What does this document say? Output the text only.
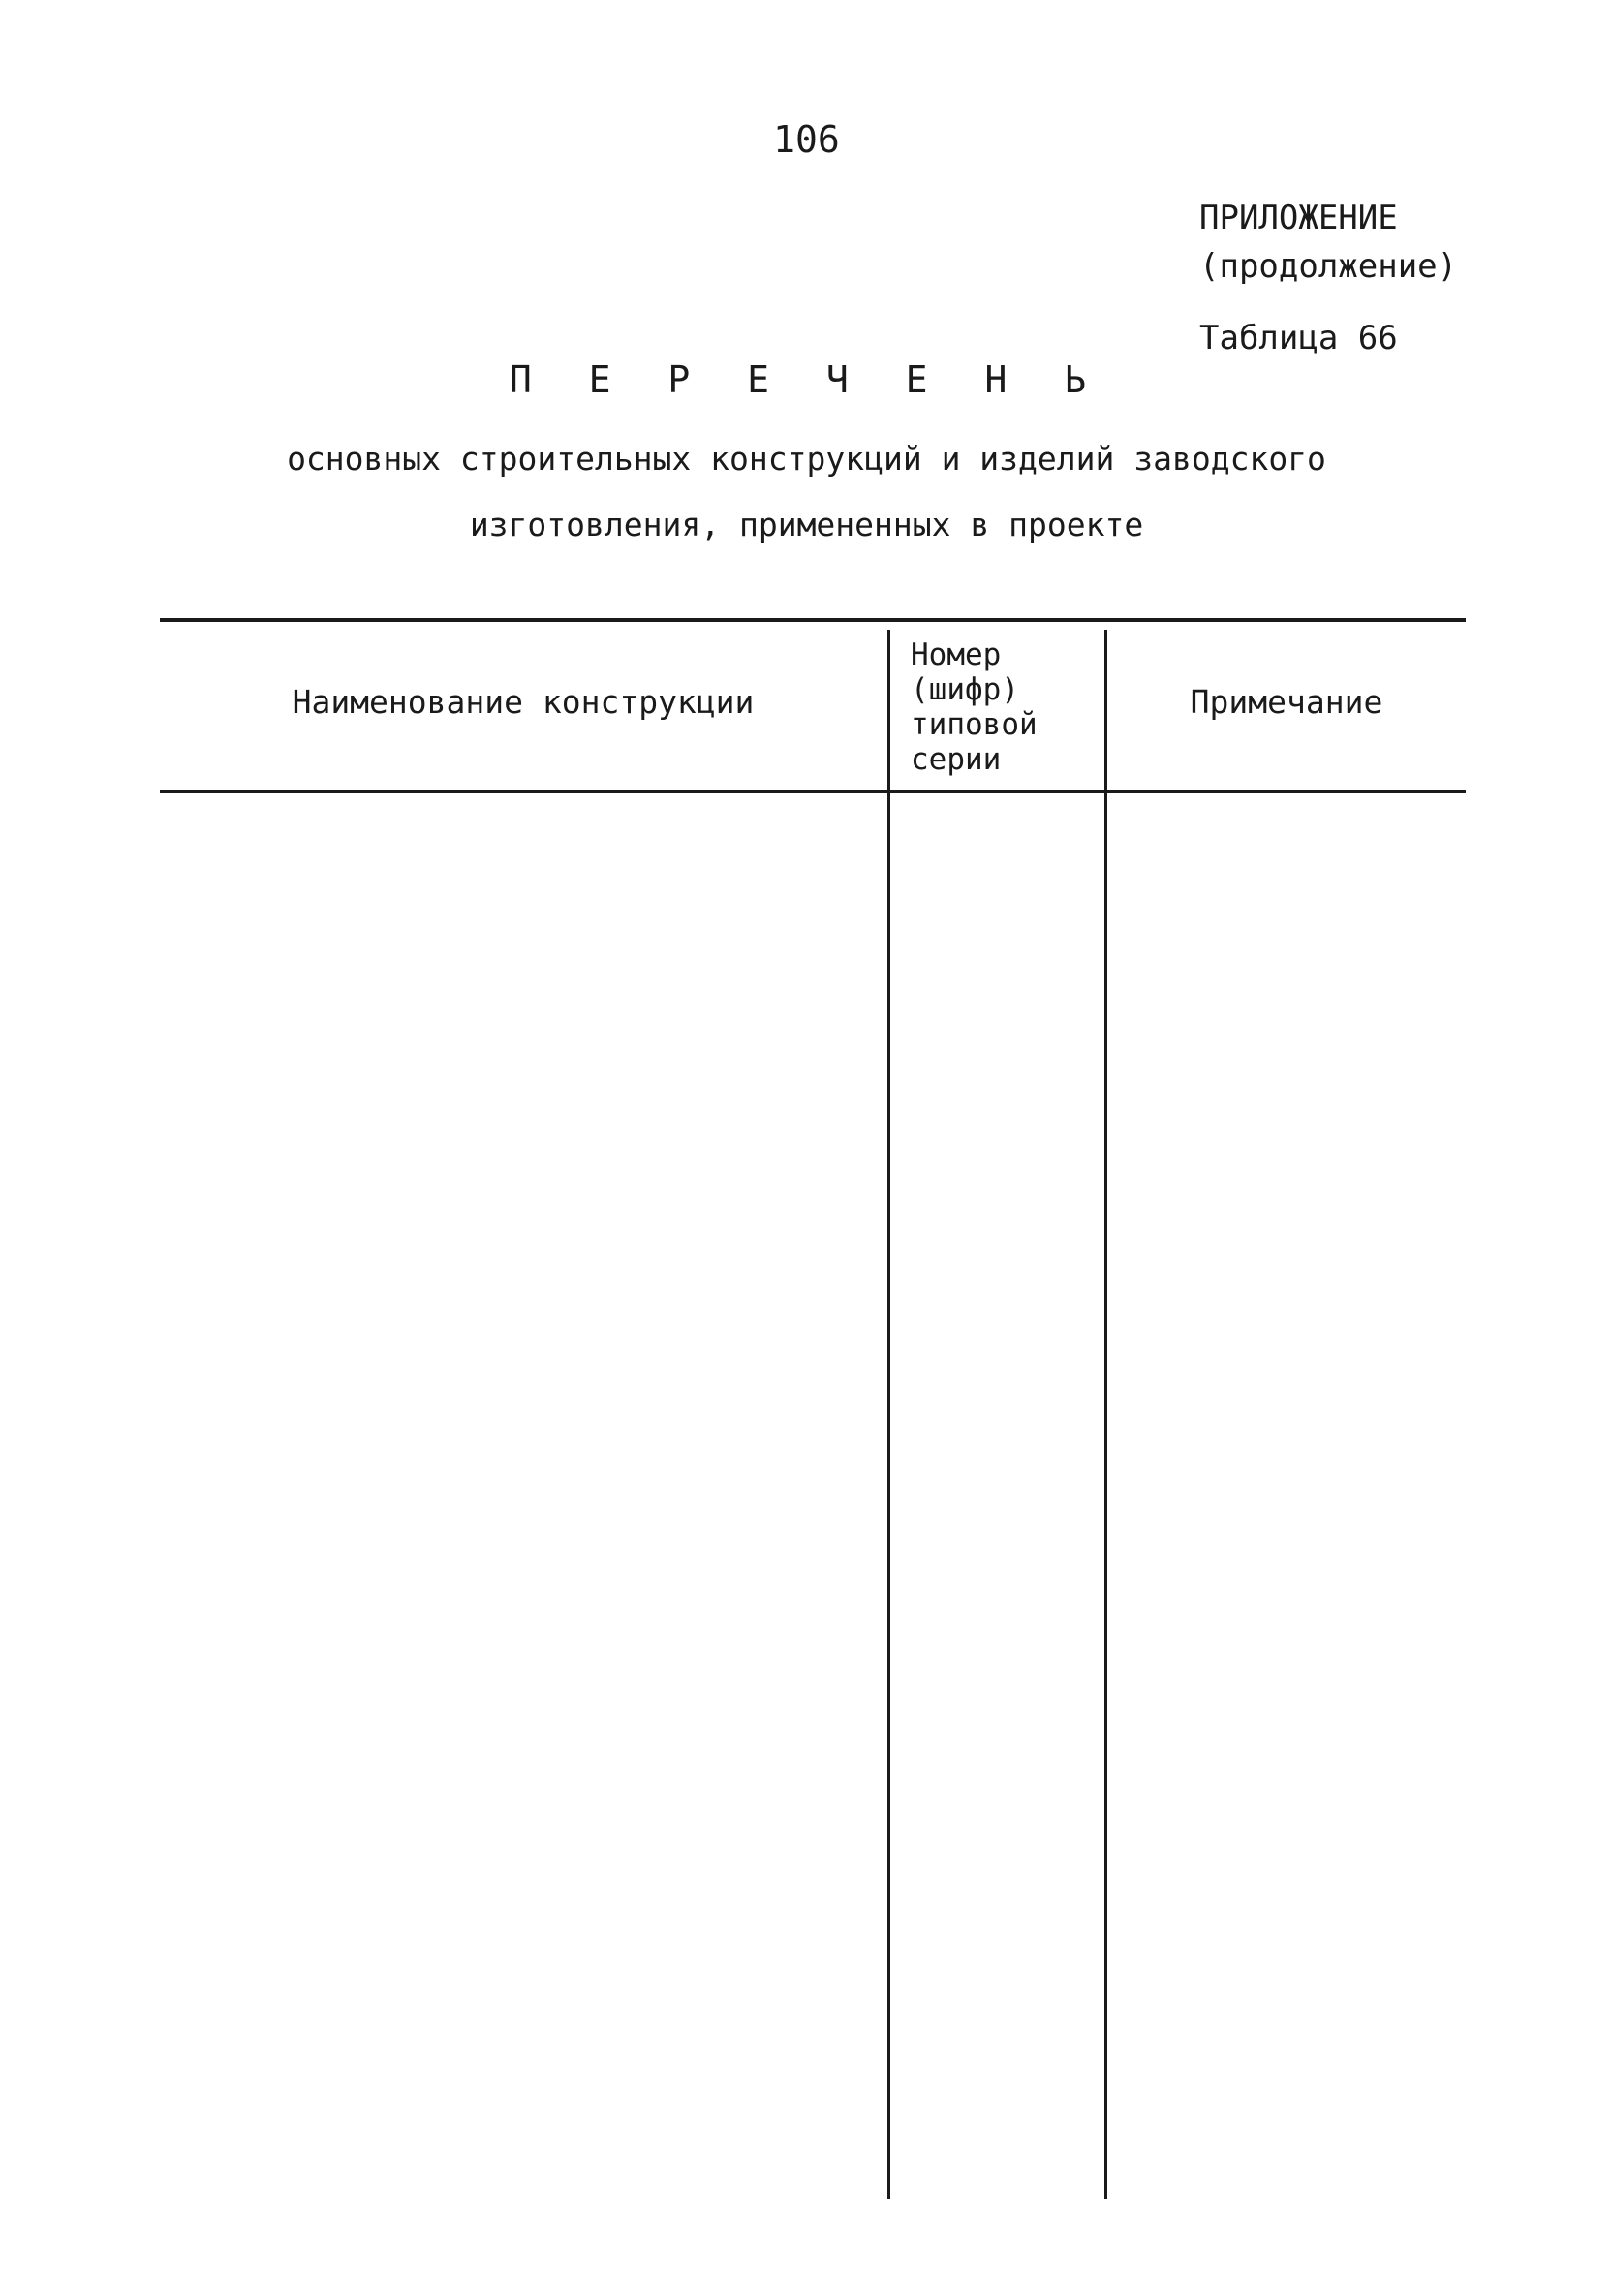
106
ПРИЛОЖЕНИЕ
(продолжение)
Таблица 66
П Е Р Е Ч Е Н Ь
основных строительных конструкций и изделий заводского
изготовления, примененных в проекте
Наименование конструкции
Номер
(шифр)
типовой
серии
Примечание
